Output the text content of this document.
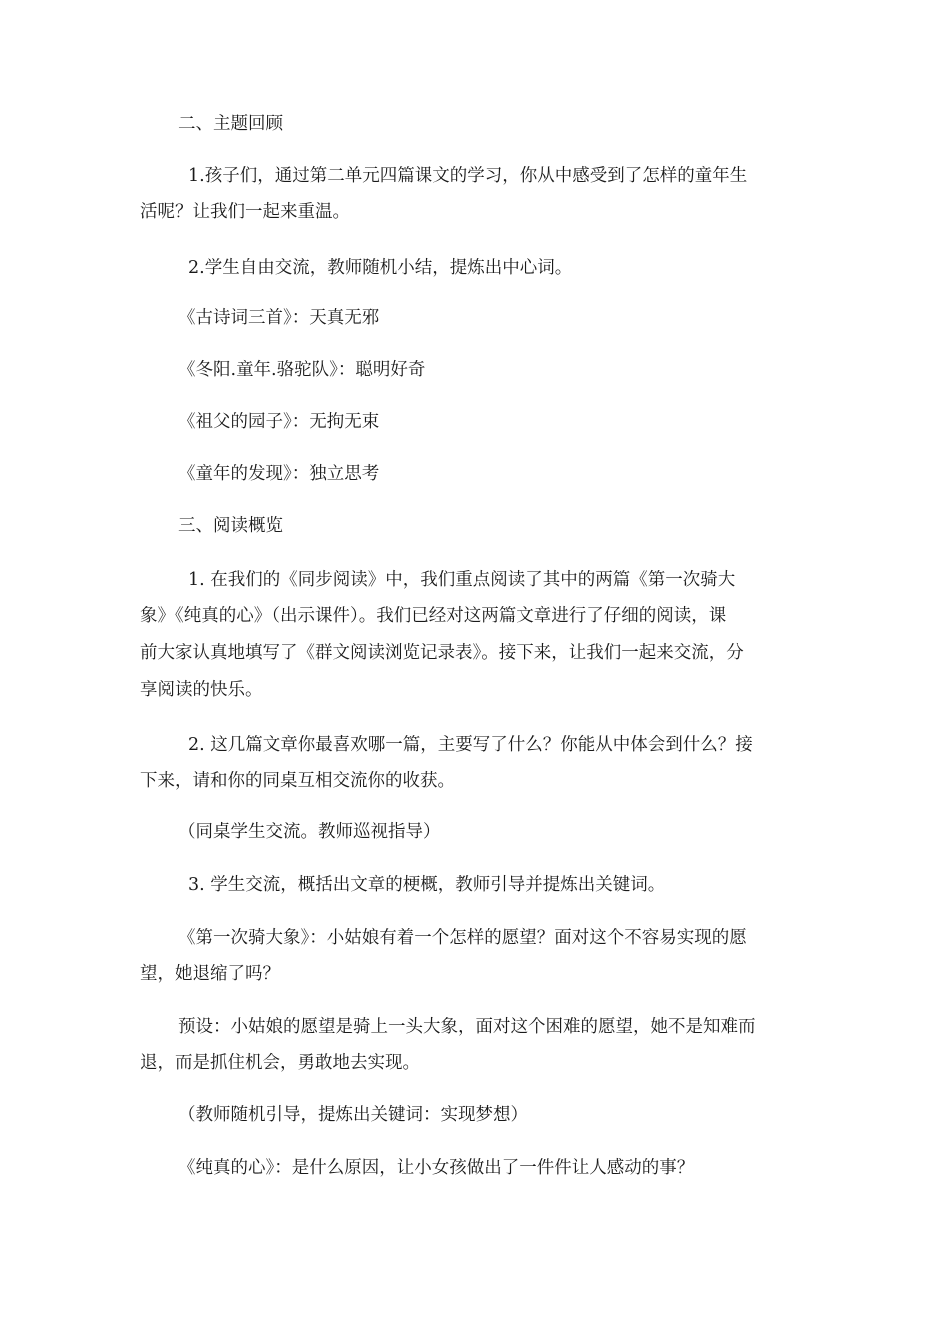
二、主题回顾
1.孩子们，通过第二单元四篇课文的学习，你从中感受到了怎样的童年生
活呢？让我们一起来重温。
2.学生自由交流，教师随机小结，提炼出中心词。
《古诗词三首》：天真无邪
《冬阳.童年.骆驼队》：聪明好奇
《祖父的园子》：无拘无束
《童年的发现》：独立思考
三、阅读概览
1. 在我们的《同步阅读》中，我们重点阅读了其中的两篇《第一次骑大
象》《纯真的心》（出示课件）。我们已经对这两篇文章进行了仔细的阅读，课
前大家认真地填写了《群文阅读浏览记录表》。接下来，让我们一起来交流，分
享阅读的快乐。
2. 这几篇文章你最喜欢哪一篇，主要写了什么？你能从中体会到什么？接
下来，请和你的同桌互相交流你的收获。
（同桌学生交流。教师巡视指导）
3. 学生交流，概括出文章的梗概，教师引导并提炼出关键词。
《第一次骑大象》：小姑娘有着一个怎样的愿望？面对这个不容易实现的愿
望，她退缩了吗？
预设：小姑娘的愿望是骑上一头大象，面对这个困难的愿望，她不是知难而
退，而是抓住机会，勇敢地去实现。
（教师随机引导，提炼出关键词：实现梦想）
《纯真的心》：是什么原因，让小女孩做出了一件件让人感动的事？
